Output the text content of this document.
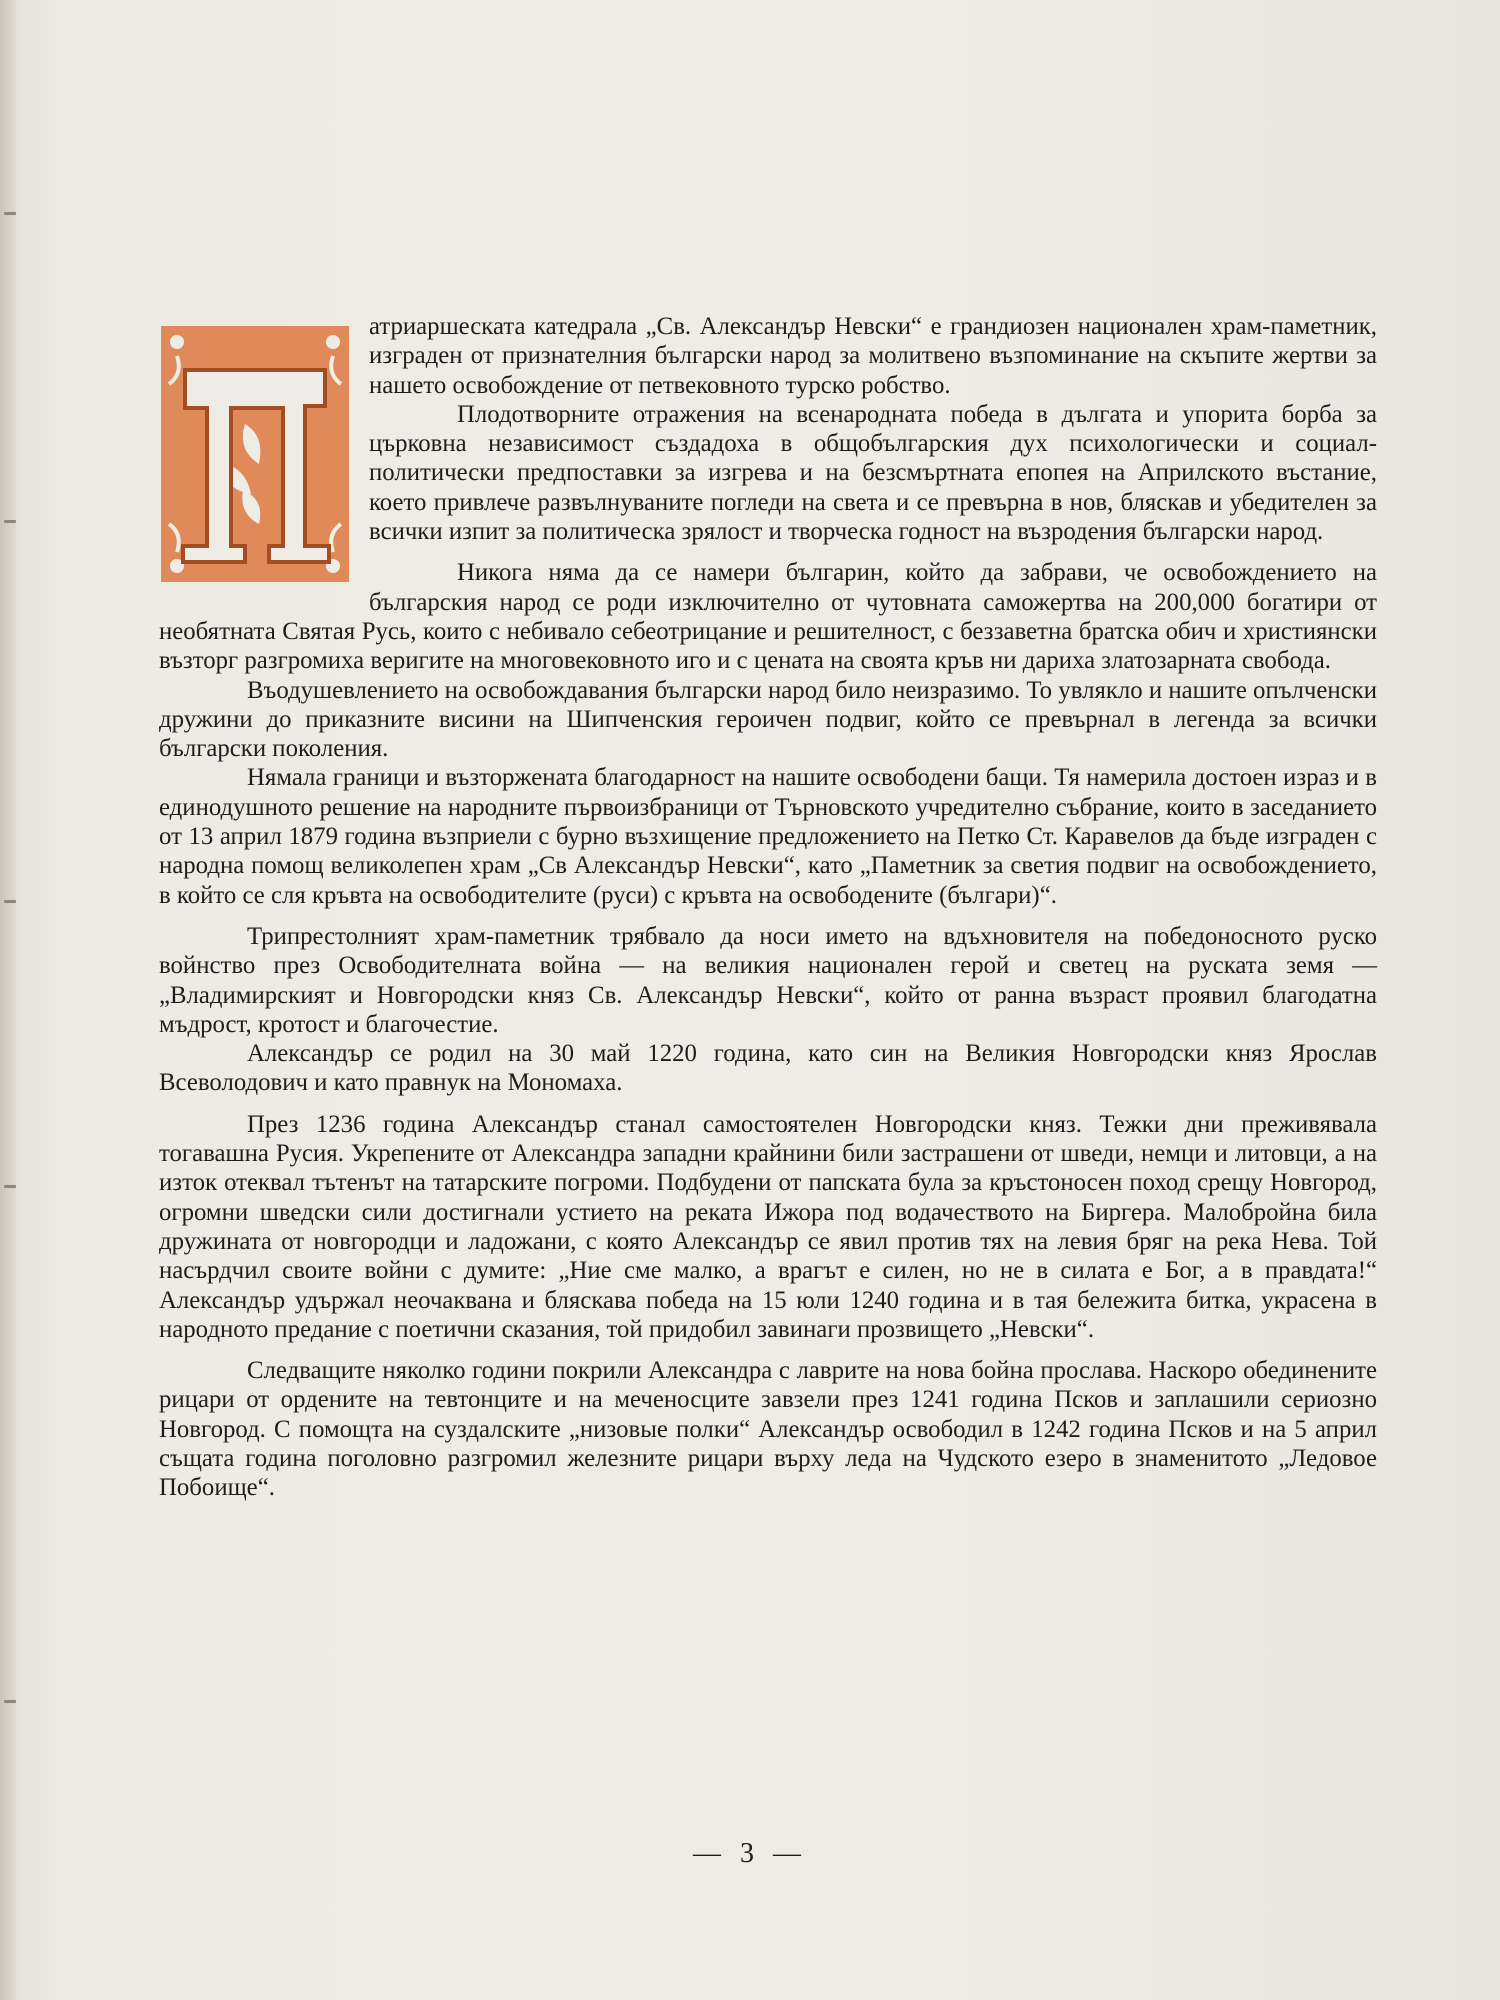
П

атриаршеската катедрала „Св. Александър Невски“ е грандиозен национален храм-паметник, изграден от признателния български народ за молитвено възпоминание на скъпите жертви за нашето освобождение от петвековното турско робство.

Плодотворните отражения на всенародната победа в дългата и упорита борба за църковна независимост създадоха в общобългарския дух психологически и социал-политически предпоставки за изгрева и на безсмъртната епопея на Априлското въстание, което привлече развълнуваните погледи на света и се превърна в нов, бляскав и убедителен за всички изпит за политическа зрялост и творческа годност на възродения български народ.

Никога няма да се намери българин, който да забрави, че освобождението на българския народ се роди изключително от чутовната саможертва на 200,000 богатири от необятната Святая Русь, които с небивало себеотрицание и решителност, с беззаветна братска обич и християнски възторг разгромиха веригите на многовековното иго и с цената на своята кръв ни дариха златозарната свобода.

Въодушевлението на освобождавания български народ било неизразимо. То увлякло и нашите опълченски дружини до приказните висини на Шипченския героичен подвиг, който се превърнал в легенда за всички български поколения.

Нямала граници и възторжената благодарност на нашите освободени бащи. Тя намерила достоен израз и в единодушното решение на народните първоизбраници от Търновското учредително събрание, които в заседанието от 13 април 1879 година възприели с бурно възхищение предложението на Петко Ст. Каравелов да бъде изграден с народна помощ великолепен храм „Св Александър Невски“, като „Паметник за светия подвиг на освобождението, в който се сля кръвта на освободителите (руси) с кръвта на освободените (българи)“.

Трипрестолният храм-паметник трябвало да носи името на вдъхновителя на победоносното руско войнство през Освободителната война — на великия национален герой и светец на руската земя — „Владимирският и Новгородски княз Св. Александър Невски“, който от ранна възраст проявил благодатна мъдрост, кротост и благочестие.

Александър се родил на 30 май 1220 година, като син на Великия Новгородски княз Ярослав Всеволодович и като правнук на Мономаха.

През 1236 година Александър станал самостоятелен Новгородски княз. Тежки дни преживявала тогавашна Русия. Укрепените от Александра западни крайнини били застрашени от шведи, немци и литовци, а на изток отеквал тътенът на татарските погроми. Подбудени от папската була за кръстоносен поход срещу Новгород, огромни шведски сили достигнали устието на реката Ижора под водачеството на Биргера. Малобройна била дружината от новгородци и ладожани, с която Александър се явил против тях на левия бряг на река Нева. Той насърдчил своите войни с думите: „Ние сме малко, а врагът е силен, но не в силата е Бог, а в правдата!“ Александър удържал неочаквана и бляскава победа на 15 юли 1240 година и в тая бележита битка, украсена в народното предание с поетични сказания, той придобил завинаги прозвището „Невски“.

Следващите няколко години покрили Александра с лаврите на нова бойна прослава. Наскоро обединените рицари от ордените на тевтонците и на меченосците завзели през 1241 година Псков и заплашили сериозно Новгород. С помощта на суздалските „низовые полки“ Александър освободил в 1242 година Псков и на 5 април същата година поголовно разгромил железните рицари върху леда на Чудското езеро в знаменитото „Ледовое Побоище“.

— 3 —
